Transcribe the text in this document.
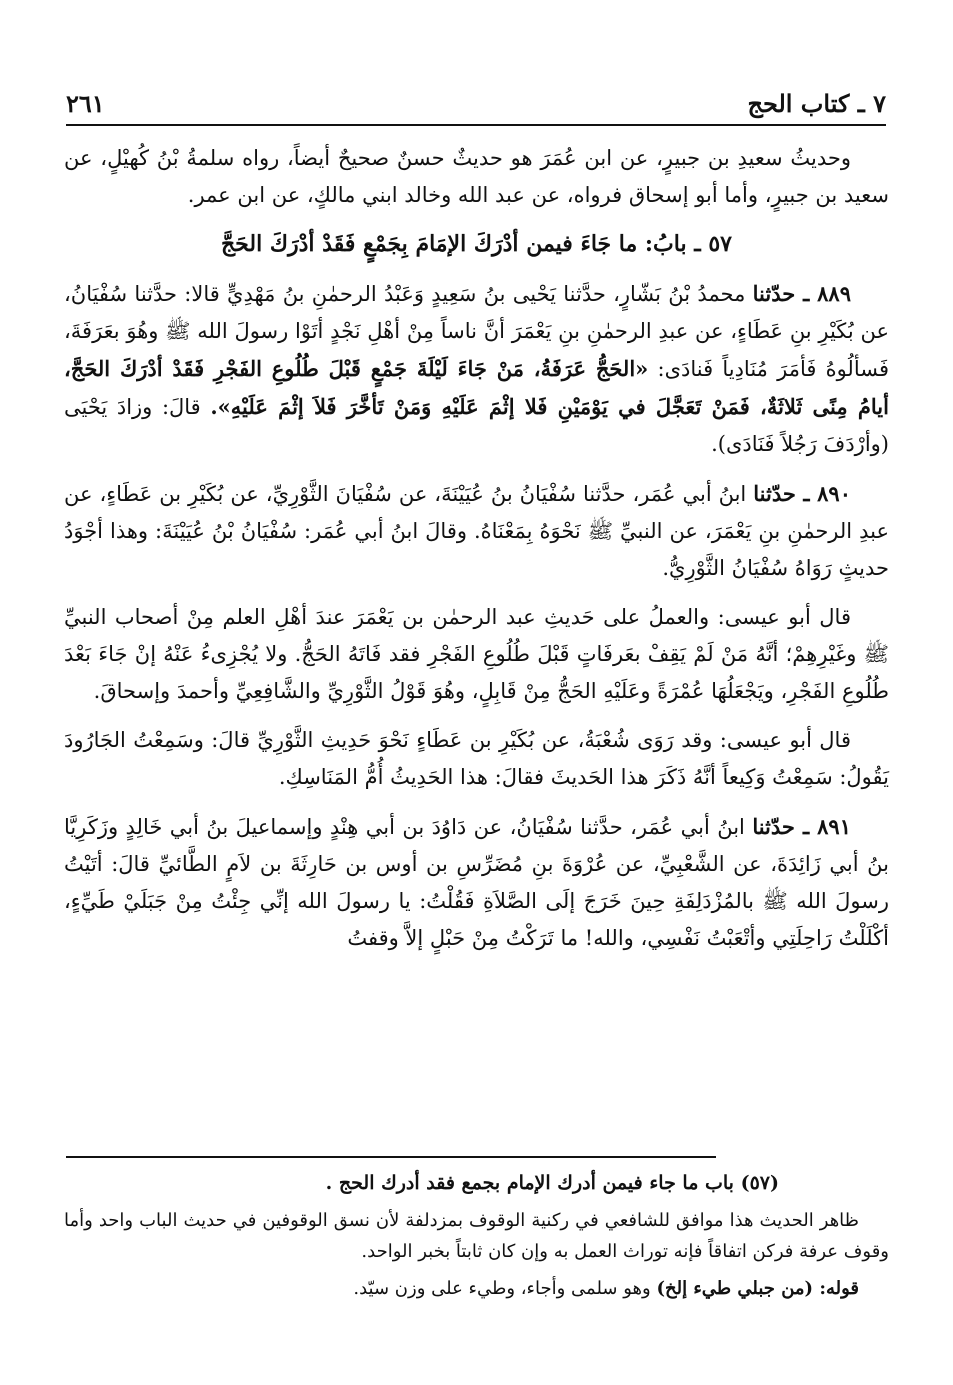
٧ ـ كتاب الحج
٢٦١

وحديثُ سعيدِ بن جبيرٍ، عن ابن عُمَرَ هو حديثٌ حسنٌ صحيحٌ أيضاً، رواه سلمةُ بْنُ كُهيْلٍ، عن سعيد بن جبيرٍ، وأما أبو إسحاق فرواه، عن عبد الله وخالد ابني مالكٍ، عن ابن عمر.

٥٧ ـ بابُ: ما جَاءَ فيمن أدْرَكَ الإمَامَ بِجَمْعٍ فَقَدْ أدْرَكَ الحَجَّ

٨٨٩ ـ حدّثنا محمدُ بْنُ بَشّارٍ، حدَّثنا يَحْيى بنُ سَعِيدٍ وَعَبْدُ الرحمٰنِ بنُ مَهْدِيٍّ قالا: حدَّثنا سُفْيَانُ، عن بُكَيْرِ بنِ عَطَاءٍ، عن عبدِ الرحمٰنِ بنِ يَعْمَرَ أنَّ ناساً مِنْ أهْلِ نَجْدٍ أتَوْا رسولَ الله ﷺ وهُوَ بعَرَفَةَ، فَسألُوهُ فَأمَرَ مُنَادِياً فَنادَى: «الحَجُّ عَرَفَةُ، مَنْ جَاءَ لَيْلَةَ جَمْعٍ قَبْلَ طُلُوعِ الفَجْرِ فَقَدْ أدْرَكَ الحَجَّ، أيامُ مِنًى ثَلاثَةٌ، فَمَنْ تَعَجَّلَ في يَوْمَيْنِ فَلا إثْمَ عَلَيْهِ وَمَنْ تَأخَّرَ فَلاَ إثْمَ عَلَيْهِ». قالَ: وزادَ يَحْيَى (وأرْدَفَ رَجُلاً فَنَادَى).

٨٩٠ ـ حدّثنا ابنُ أبي عُمَر، حدَّثنا سُفْيَانُ بنُ عُيَيْنَةَ، عن سُفْيَانَ الثَّوْرِيِّ، عن بُكَيْرِ بن عَطَاءٍ، عن عبدِ الرحمٰنِ بنِ يَعْمَرَ، عن النبيِّ ﷺ نَحْوَهُ بِمَعْنَاهُ. وقالَ ابنُ أبي عُمَر: سُفْيَانُ بْنُ عُيَيْنَةَ: وهذا أجْوَدُ حديثٍ رَوَاهُ سُفْيَانُ الثَّوْرِيُّ.

قال أبو عيسى: والعملُ على حَديثِ عبد الرحمٰن بن يَعْمَرَ عندَ أهْلِ العلم مِنْ أصحاب النبيِّ ﷺ وغَيْرِهِمْ؛ أنَّهُ مَنْ لَمْ يَقِفْ بعَرفَاتٍ قَبْلَ طُلُوعِ الفَجْرِ فقد فَاتَهُ الحَجُّ. ولا يُجْزِىءُ عَنْهُ إنْ جَاءَ بَعْدَ طُلُوعِ الفَجْرِ، ويَجْعَلُهَا عُمْرَةً وعَلَيْهِ الحَجُّ مِنْ قَابِلٍ، وهُوَ قَوْلُ الثَّوْرِيِّ والشَّافِعِيِّ وأحمدَ وإسحاقَ.

قال أبو عيسى: وقد رَوَى شُعْبَةُ، عن بُكَيْرِ بن عَطَاءٍ نَحْوَ حَدِيثِ الثَّوْرِيِّ قالَ: وسَمِعْتُ الجَارُودَ يَقُولُ: سَمِعْتُ وَكِيعاً أنَّهُ ذَكَرَ هذا الحَديثَ فقالَ: هذا الحَدِيثُ أُمُّ المَنَاسِكِ.

٨٩١ ـ حدّثنا ابنُ أبي عُمَر، حدَّثنا سُفْيَانُ، عن دَاوُدَ بن أبي هِنْدٍ وإسماعيلَ بنُ أبي خَالِدٍ وزَكَرِيَّا بنُ أبي زَائِدَةَ، عن الشَّعْبِيِّ، عن عُرْوَةَ بنِ مُضَرِّسِ بن أوس بن حَارِثَةَ بن لاَمٍ الطَّائيِّ قالَ: أتَيْتُ رسولَ الله ﷺ بالمُزْدَلِفَةِ حِينَ خَرَجَ إلَى الصَّلاَةِ فَقُلْتُ: يا رسولَ الله إنِّي جِئْتُ مِنْ جَبَلَيْ طَيِّءٍ، أكْلَلْتُ رَاحِلَتِي وأتْعَبْتُ نَفْسِي، والله! ما تَرَكْتُ مِنْ حَبْلٍ إلاَّ وقفتُ

(٥٧) باب ما جاء فيمن أدرك الإمام بجمع فقد أدرك الحج .

ظاهر الحديث هذا موافق للشافعي في ركنية الوقوف بمزدلفة لأن نسق الوقوفين في حديث الباب واحد وأما وقوف عرفة فركن اتفاقاً فإنه توراث العمل به وإن كان ثابتاً بخبر الواحد.

قوله: (من جبلي طيء إلخ) وهو سلمى وأجاء، وطيء على وزن سيّد.
